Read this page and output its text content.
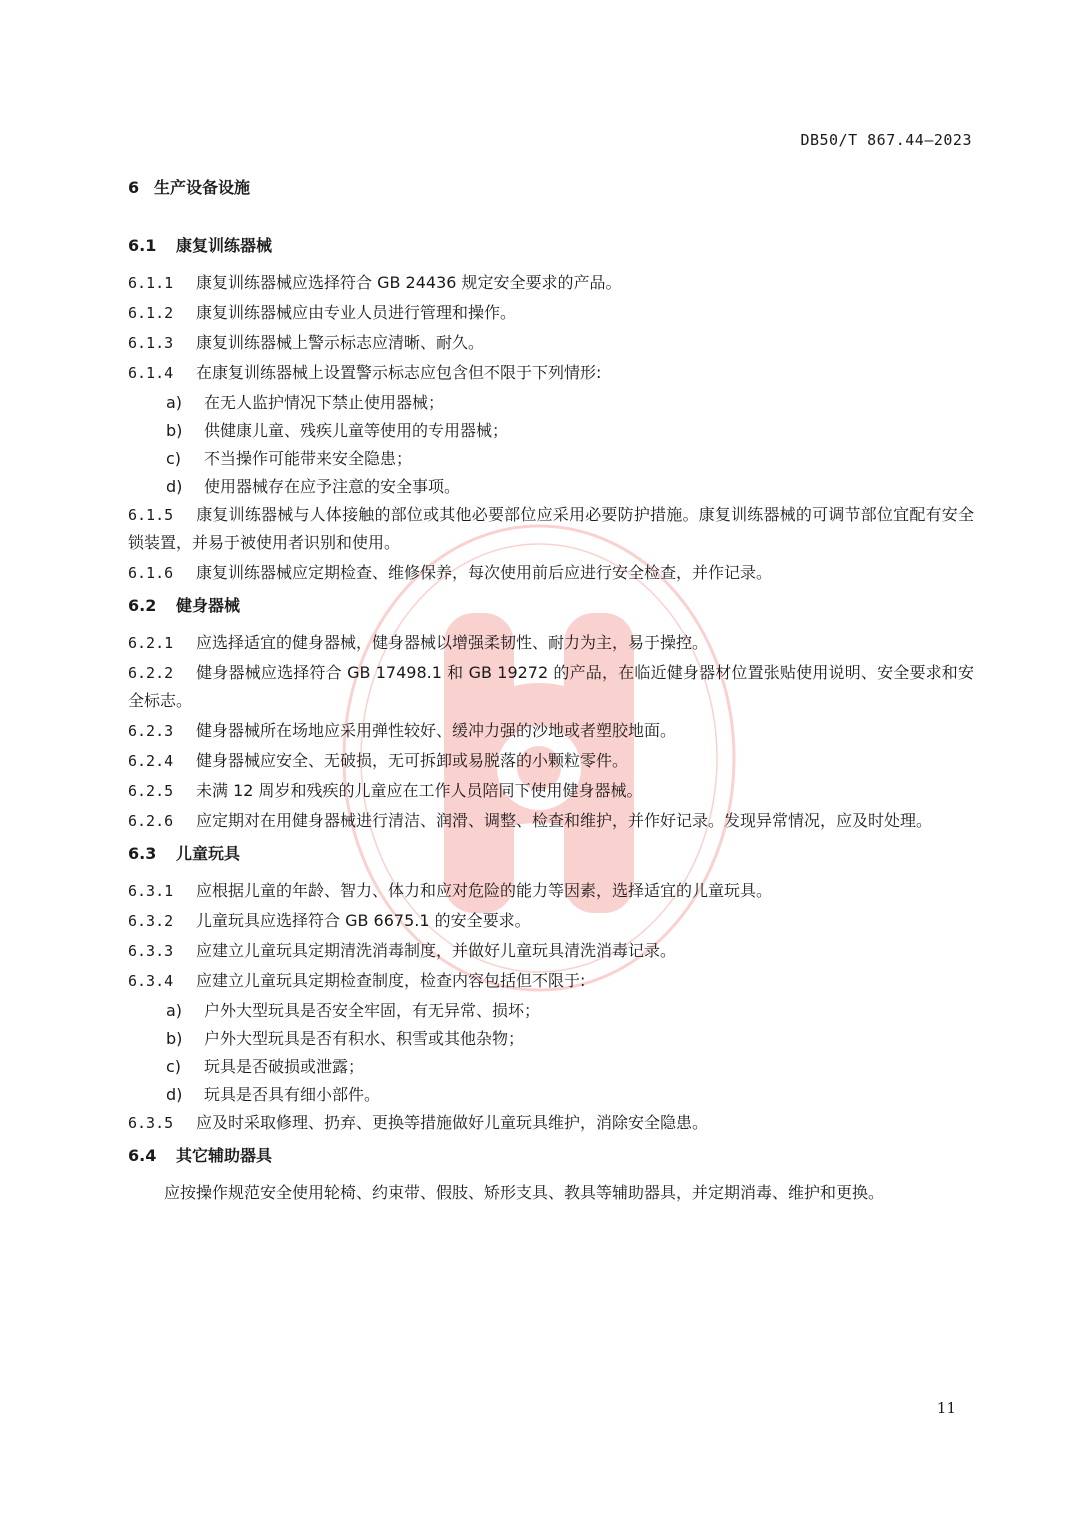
DB50/T 867.44—2023
6 生产设备设施
6.1 康复训练器械
6.1.1 康复训练器械应选择符合 GB 24436 规定安全要求的产品。
6.1.2 康复训练器械应由专业人员进行管理和操作。
6.1.3 康复训练器械上警示标志应清晰、耐久。
6.1.4 在康复训练器械上设置警示标志应包含但不限于下列情形:
a) 在无人监护情况下禁止使用器械；
b) 供健康儿童、残疾儿童等使用的专用器械；
c) 不当操作可能带来安全隐患；
d) 使用器械存在应予注意的安全事项。
6.1.5 康复训练器械与人体接触的部位或其他必要部位应采用必要防护措施。康复训练器械的可调节部位宜配有安全锁装置，并易于被使用者识别和使用。
6.1.6 康复训练器械应定期检查、维修保养，每次使用前后应进行安全检查，并作记录。
6.2 健身器械
6.2.1 应选择适宜的健身器械，健身器械以增强柔韧性、耐力为主，易于操控。
6.2.2 健身器械应选择符合 GB 17498.1 和 GB 19272 的产品，在临近健身器材位置张贴使用说明、安全要求和安全标志。
6.2.3 健身器械所在场地应采用弹性较好、缓冲力强的沙地或者塑胶地面。
6.2.4 健身器械应安全、无破损，无可拆卸或易脱落的小颗粒零件。
6.2.5 未满 12 周岁和残疾的儿童应在工作人员陪同下使用健身器械。
6.2.6 应定期对在用健身器械进行清洁、润滑、调整、检查和维护，并作好记录。发现异常情况，应及时处理。
6.3 儿童玩具
6.3.1 应根据儿童的年龄、智力、体力和应对危险的能力等因素，选择适宜的儿童玩具。
6.3.2 儿童玩具应选择符合 GB 6675.1 的安全要求。
6.3.3 应建立儿童玩具定期清洗消毒制度，并做好儿童玩具清洗消毒记录。
6.3.4 应建立儿童玩具定期检查制度，检查内容包括但不限于:
a) 户外大型玩具是否安全牢固，有无异常、损坏；
b) 户外大型玩具是否有积水、积雪或其他杂物；
c) 玩具是否破损或泄露；
d) 玩具是否具有细小部件。
6.3.5 应及时采取修理、扔弃、更换等措施做好儿童玩具维护，消除安全隐患。
6.4 其它辅助器具
应按操作规范安全使用轮椅、约束带、假肢、矫形支具、教具等辅助器具，并定期消毒、维护和更换。
11
